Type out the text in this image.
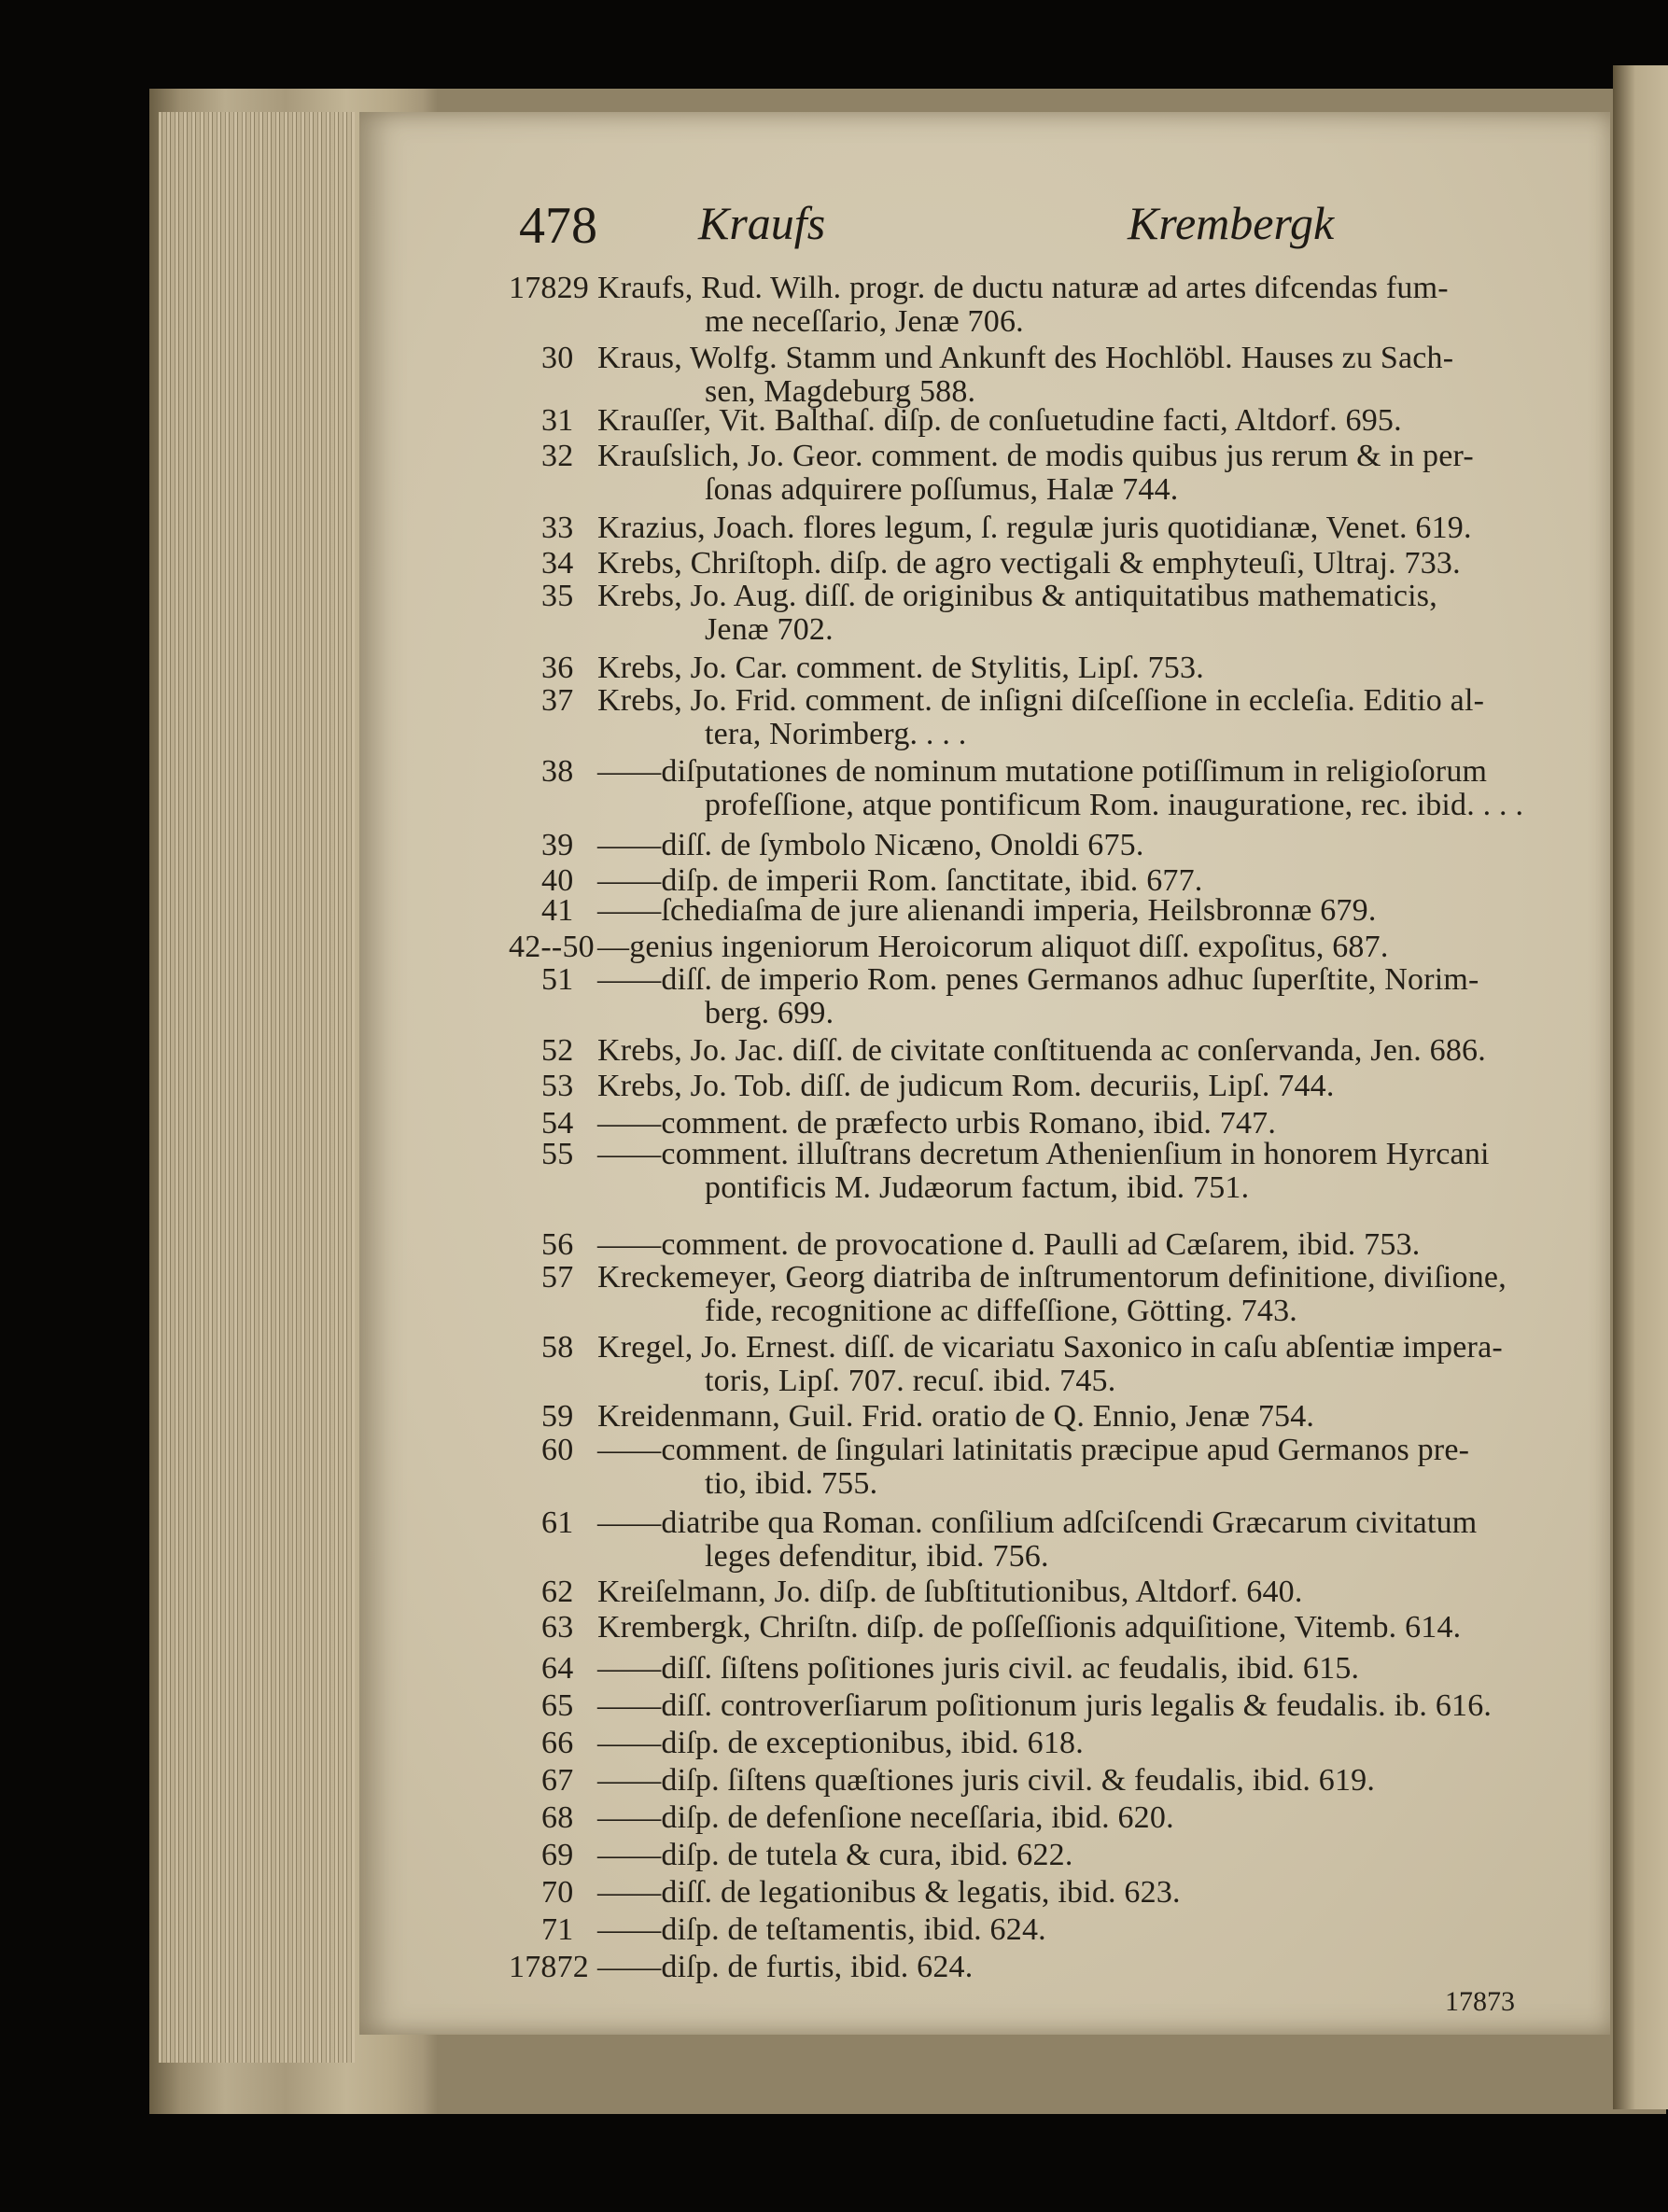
478 Kraufs	Krembergk
17829 Kraufs, Rud. Wilh. progr. de ductu naturæ ad artes difcendas fum-
me neceſſario, Jenæ 706.
30 Kraus, Wolfg. Stamm und Ankunft des Hochlöbl. Hauses zu Sach-
sen, Magdeburg 588.
31 Krauſſer, Vit. Balthaſ. diſp. de conſuetudine facti, Altdorf. 695.
32 Krauſslich, Jo. Geor. comment. de modis quibus jus rerum & in per-
ſonas adquirere poſſumus, Halæ 744.
33 Krazius, Joach. flores legum, ſ. regulæ juris quotidianæ, Venet. 619.
34 Krebs, Chriſtoph. diſp. de agro vectigali & emphyteuſi, Ultraj. 733.
35 Krebs, Jo. Aug. diſſ. de originibus & antiquitatibus mathematicis,
Jenæ 702.
36 Krebs, Jo. Car. comment. de Stylitis, Lipſ. 753.
37 Krebs, Jo. Frid. comment. de inſigni diſceſſione in eccleſia. Editio al-
tera, Norimberg. . . .
38 ——diſputationes de nominum mutatione potiſſimum in religioſorum
profeſſione, atque pontificum Rom. inauguratione, rec. ibid. . . .
39 ——diſſ. de ſymbolo Nicæno, Onoldi 675.
40 ——diſp. de imperii Rom. ſanctitate, ibid. 677.
41 ——ſchediaſma de jure alienandi imperia, Heilsbronnæ 679.
42--50 —genius ingeniorum Heroicorum aliquot diſſ. expoſitus, 687.
51 ——diſſ. de imperio Rom. penes Germanos adhuc ſuperſtite, Norim-
berg. 699.
52 Krebs, Jo. Jac. diſſ. de civitate conſtituenda ac conſervanda, Jen. 686.
53 Krebs, Jo. Tob. diſſ. de judicum Rom. decuriis, Lipſ. 744.
54 ——comment. de præfecto urbis Romano, ibid. 747.
55 ——comment. illuſtrans decretum Athenienſium in honorem Hyrcani
pontificis M. Judæorum factum, ibid. 751.
56 ——comment. de provocatione d. Paulli ad Cæſarem, ibid. 753.
57 Kreckemeyer, Georg diatriba de inſtrumentorum definitione, diviſione,
fide, recognitione ac diffeſſione, Götting. 743.
58 Kregel, Jo. Ernest. diſſ. de vicariatu Saxonico in caſu abſentiæ impera-
toris, Lipſ. 707. recuſ. ibid. 745.
59 Kreidenmann, Guil. Frid. oratio de Q. Ennio, Jenæ 754.
60 ——comment. de ſingulari latinitatis præcipue apud Germanos pre-
tio, ibid. 755.
61 ——diatribe qua Roman. conſilium adſciſcendi Græcarum civitatum
leges defenditur, ibid. 756.
62 Kreiſelmann, Jo. diſp. de ſubſtitutionibus, Altdorf. 640.
63 Krembergk, Chriſtn. diſp. de poſſeſſionis adquiſitione, Vitemb. 614.
64 ——diſſ. ſiſtens poſitiones juris civil. ac feudalis, ibid. 615.
65 ——diſſ. controverſiarum poſitionum juris legalis & feudalis. ib. 616.
66 ——diſp. de exceptionibus, ibid. 618.
67 ——diſp. ſiſtens quæſtiones juris civil. & feudalis, ibid. 619.
68 ——diſp. de defenſione neceſſaria, ibid. 620.
69 ——diſp. de tutela & cura, ibid. 622.
70 ——diſſ. de legationibus & legatis, ibid. 623.
71 ——diſp. de teſtamentis, ibid. 624.
17872 ——diſp. de furtis, ibid. 624.
17873
